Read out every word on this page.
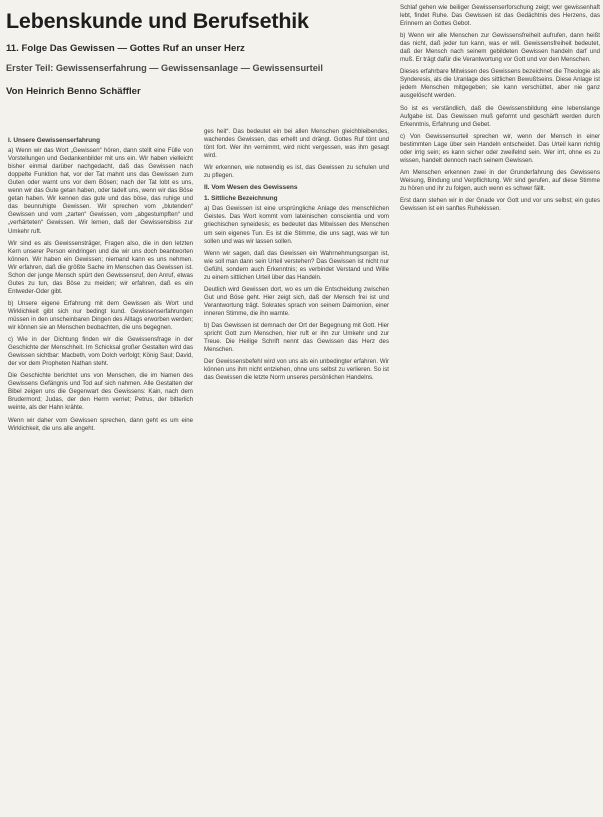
Lebenskunde und Berufsethik
11. Folge Das Gewissen — Gottes Ruf an unser Herz
Erster Teil: Gewissenserfahrung — Gewissensanlage — Gewissensurteil
Von Heinrich Benno Schäffler
I. Unsere Gewissenserfahrung

a) Wenn wir das Wort „Gewissen“ hören, dann stellt eine Fülle von Vorstellungen und Gedankenbilder mit uns ein. Wir haben vielleicht bisher einmal darüber nachgedacht, daß das Gewissen nach doppelte Funktion hat, vor der Tat mahnt uns das Gewissen zum Guten oder warnt uns vor dem Bösen; nach der Tat lobt es uns, wenn wir das Gute getan haben, oder tadelt uns, wenn wir das Böse getan haben. Wir kennen das gute und das böse, das ruhige und das beunruhigte Gewissen. Wir sprechen vom „blutenden“ Gewissen und vom „zarten“ Gewissen, vom „abgestumpften“ und „verhärteten“ Gewissen. Wir lernen, daß der Gewissensbiss zur Umkehr ruft.

Wir sind es als Gewissensträger, Fragen also, die in den letzten Kern unserer Person eindringen und die wir uns doch beantworten können. Wir haben ein Gewissen; niemand kann es uns nehmen. Wir erfahren, daß die größte Sache im Menschen das Gewissen ist. Schon der junge Mensch spürt den Gewissensruf, den Anruf, etwas Gutes zu tun, das Böse zu meiden; wir erfahren, daß es ein Entweder-Oder gibt.

b) Unsere eigene Erfahrung mit dem Gewissen als Wort und Wirklichkeit gibt sich nur bedingt kund. Gewissenserfahrungen müssen in den unscheinbaren Dingen des Alltags erworben werden; wir können sie an Menschen beobachten, die uns begegnen.

c) Wie in der Dichtung finden wir die Gewissensfrage in der Geschichte der Menschheit. Im Schicksal großer Gestalten wird das Gewissen sichtbar: Macbeth, vom Dolch verfolgt; König Saul; David, der vor dem Propheten Nathan steht.

Die Geschichte berichtet uns von Menschen, die im Namen des Gewissens Gefängnis und Tod auf sich nahmen. Alle Gestalten der Bibel zeigen uns die Gegenwart des Gewissens: Kain, nach dem Brudermord; Judas, der den Herrn verriet; Petrus, der bitterlich weinte, als der Hahn krähte.

Wenn wir daher vom Gewissen sprechen, dann geht es um eine Wirklichkeit, die uns alle angeht.

ges heit“. Das bedeutet ein bei allen Menschen gleichbleibendes, wachendes Gewissen, das erhellt und drängt. Gottes Ruf tönt und tönt fort. Wer ihn vernimmt, wird nicht vergessen, was ihm gesagt wird.

Wir erkennen, wie notwendig es ist, das Gewissen zu schulen und zu pflegen.

II. Vom Wesen des Gewissens
1. Sittliche Bezeichnung

a) Das Gewissen ist eine ursprüngliche Anlage des menschlichen Geistes. Das Wort kommt vom lateinischen conscientia und vom griechischen syneidesis; es bedeutet das Mitwissen des Menschen um sein eigenes Tun. Es ist die Stimme, die uns sagt, was wir tun sollen und was wir lassen sollen.

Wenn wir sagen, daß das Gewissen ein Wahrnehmungsorgan ist, wie soll man dann sein Urteil verstehen? Das Gewissen ist nicht nur Gefühl, sondern auch Erkenntnis; es verbindet Verstand und Wille zu einem sittlichen Urteil über das Handeln.

Deutlich wird Gewissen dort, wo es um die Entscheidung zwischen Gut und Böse geht. Hier zeigt sich, daß der Mensch frei ist und Verantwortung trägt. Sokrates sprach von seinem Daimonion, einer inneren Stimme, die ihn warnte.

b) Das Gewissen ist demnach der Ort der Begegnung mit Gott. Hier spricht Gott zum Menschen, hier ruft er ihn zur Umkehr und zur Treue. Die Heilige Schrift nennt das Gewissen das Herz des Menschen.

Der Gewissensbefehl wird von uns als ein unbedingter erfahren. Wir können uns ihm nicht entziehen, ohne uns selbst zu verlieren. So ist das Gewissen die letzte Norm unseres persönlichen Handelns.

Schlaf gehen wie beiliger Gewissenserforschung zeigt; wer gewissenhaft lebt, findet Ruhe. Das Gewissen ist das Gedächtnis des Herzens, das Erinnern an Gottes Gebot.

b) Wenn wir alle Menschen zur Gewissensfreiheit aufrufen, dann heißt das nicht, daß jeder tun kann, was er will. Gewissensfreiheit bedeutet, daß der Mensch nach seinem gebildeten Gewissen handeln darf und muß. Er trägt dafür die Verantwortung vor Gott und vor den Menschen.

Dieses erfahrbare Mitwissen des Gewissens bezeichnet die Theologie als Synderesis, als die Uranlage des sittlichen Bewußtseins. Diese Anlage ist jedem Menschen mitgegeben; sie kann verschüttet, aber nie ganz ausgelöscht werden.

So ist es verständlich, daß die Gewissensbildung eine lebenslange Aufgabe ist. Das Gewissen muß geformt und geschärft werden durch Erkenntnis, Erfahrung und Gebet.

c) Von Gewissensurteil sprechen wir, wenn der Mensch in einer bestimmten Lage über sein Handeln entscheidet. Das Urteil kann richtig oder irrig sein; es kann sicher oder zweifelnd sein. Wer irrt, ohne es zu wissen, handelt dennoch nach seinem Gewissen.

Am Menschen erkennen zwei in der Grunderfahrung des Gewissens Weisung, Bindung und Verpflichtung. Wir sind gerufen, auf diese Stimme zu hören und ihr zu folgen, auch wenn es schwer fällt.

Erst dann stehen wir in der Gnade vor Gott und vor uns selbst; ein gutes Gewissen ist ein sanftes Ruhekissen.
